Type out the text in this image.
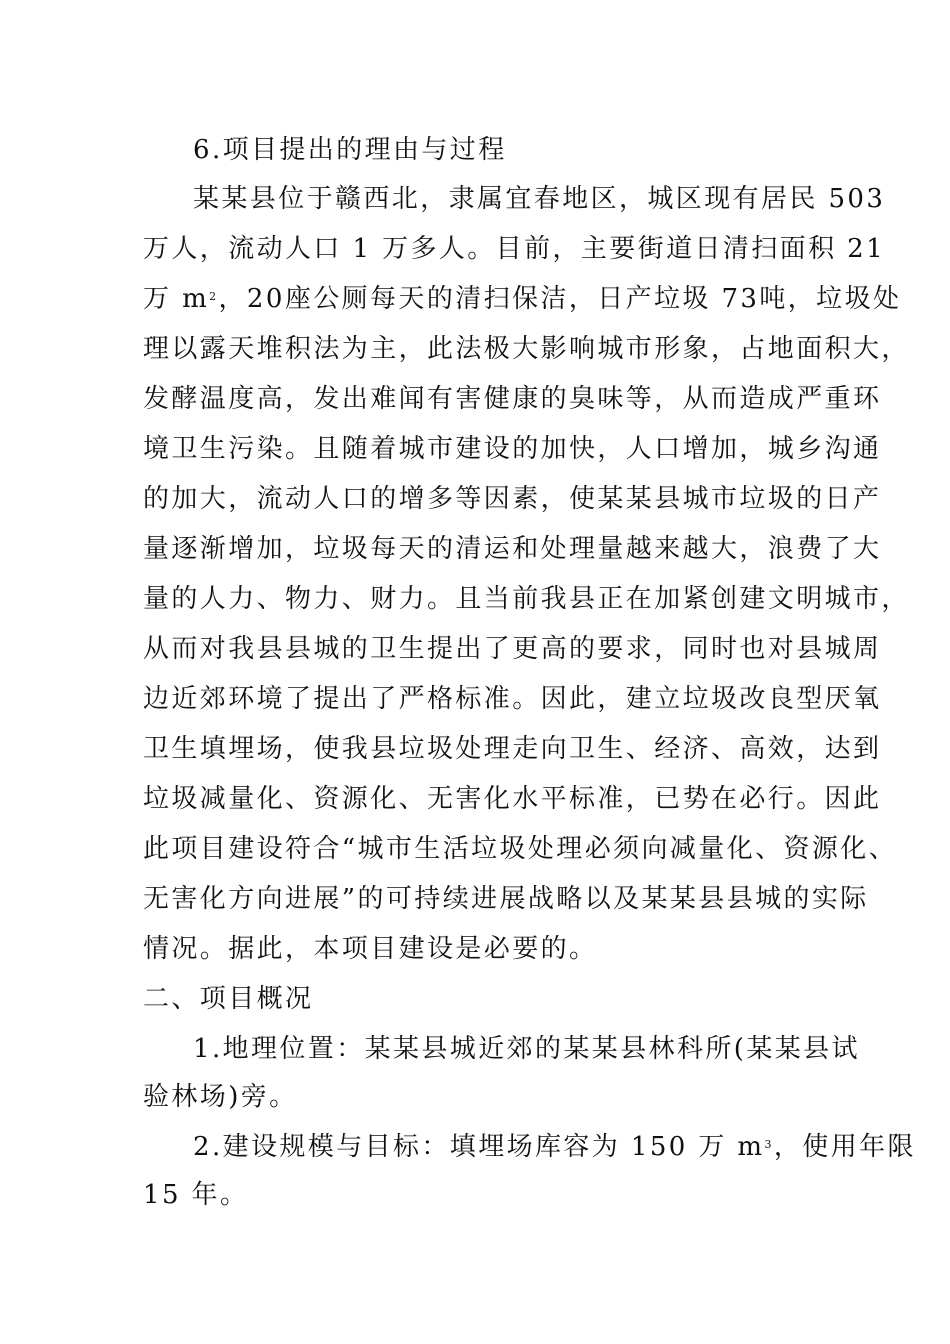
6.项目提出的理由与过程
某某县位于赣西北，隶属宜春地区，城区现有居民 503
万人，流动人口 1 万多人。目前，主要街道日清扫面积 21
万 $m^2$，20座公厕每天的清扫保洁，日产垃圾 73吨，垃圾处
理以露天堆积法为主，此法极大影响城市形象，占地面积大，
发酵温度高，发出难闻有害健康的臭味等，从而造成严重环
境卫生污染。且随着城市建设的加快，人口增加，城乡沟通
的加大，流动人口的增多等因素，使某某县城市垃圾的日产
量逐渐增加，垃圾每天的清运和处理量越来越大，浪费了大
量的人力、物力、财力。且当前我县正在加紧创建文明城市，
从而对我县县城的卫生提出了更高的要求，同时也对县城周
边近郊环境了提出了严格标准。因此，建立垃圾改良型厌氧
卫生填埋场，使我县垃圾处理走向卫生、经济、高效，达到
垃圾减量化、资源化、无害化水平标准，已势在必行。因此
此项目建设符合“城市生活垃圾处理必须向减量化、资源化、
无害化方向进展”的可持续进展战略以及某某县县城的实际
情况。据此，本项目建设是必要的。
二、项目概况
1.地理位置：某某县城近郊的某某县林科所(某某县试
验林场)旁。
2.建设规模与目标：填埋场库容为 150 万 $m^3$，使用年限
15 年。
